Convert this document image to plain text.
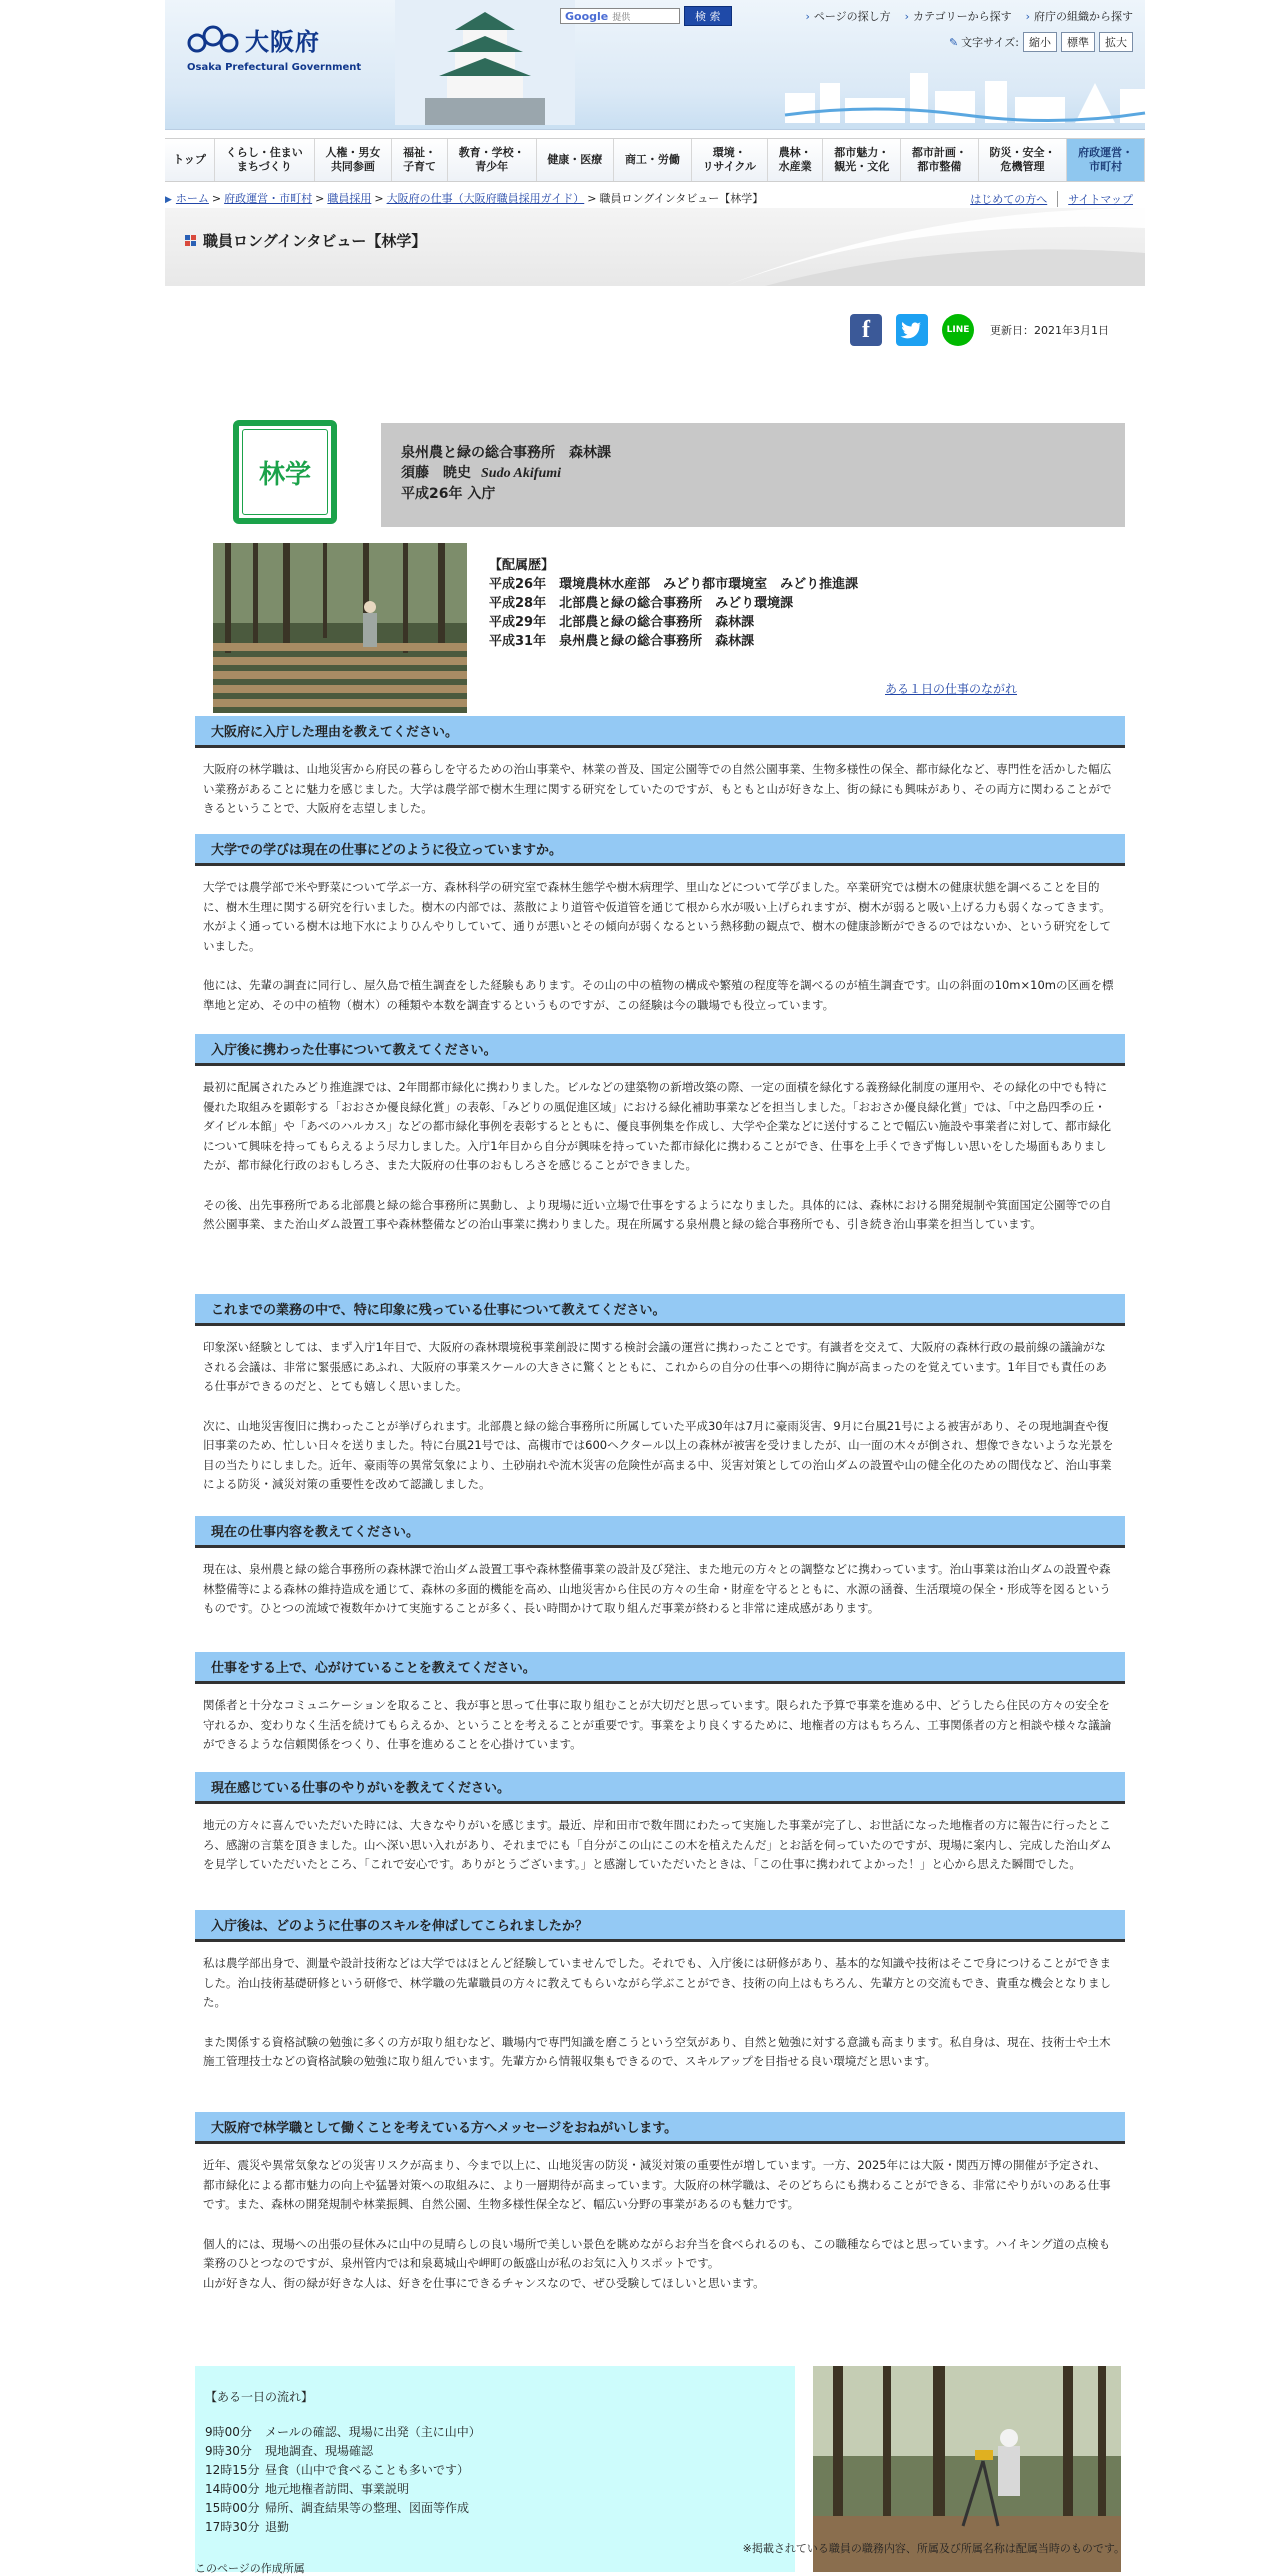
大阪府
Osaka Prefectural Government
Google 提供	検 索	› ページの探し方	› カテゴリーから探す	› 府庁の組織から探す
✎ 文字サイズ: 縮小	標準	拡大
トップ
くらし・住まい
まちづくり
人権・男女
共同参画
福祉・
子育て
教育・学校・
青少年
健康・医療	商工・労働
環境・
リサイクル
農林・
水産業
都市魅力・
観光・文化
都市計画・
都市整備
防災・安全・
危機管理
府政運営・
市町村
▶
ホーム > 府政運営・市町村 > 職員採用 > 大阪府の仕事（大阪府職員採用ガイド） > 職員ロングインタビュー【林学】	はじめての方へ	サイトマップ
職員ロングインタビュー【林学】
f	LINE	更新日：2021年3月1日
林学
泉州農と緑の総合事務所　森林課
須藤　暁史 Sudo Akifumi
平成26年 入庁
【配属歴】
平成26年　環境農林水産部　みどり都市環境室　みどり推進課
平成28年　北部農と緑の総合事務所　みどり環境課
平成29年　北部農と緑の総合事務所　森林課
平成31年　泉州農と緑の総合事務所　森林課
ある１日の仕事のながれ
大阪府に入庁した理由を教えてください。

大阪府の林学職は、山地災害から府民の暮らしを守るための治山事業や、林業の普及、国定公園等での自然公園事業、生物多様性の保全、都市緑化など、専門性を活かした幅広い業務があることに魅力を感じました。大学は農学部で樹木生理に関する研究をしていたのですが、もともと山が好きな上、街の緑にも興味があり、その両方に関わることができるということで、大阪府を志望しました。

大学での学びは現在の仕事にどのように役立っていますか。

大学では農学部で米や野菜について学ぶ一方、森林科学の研究室で森林生態学や樹木病理学、里山などについて学びました。卒業研究では樹木の健康状態を調べることを目的に、樹木生理に関する研究を行いました。樹木の内部では、蒸散により道管や仮道管を通じて根から水が吸い上げられますが、樹木が弱ると吸い上げる力も弱くなってきます。水がよく通っている樹木は地下水によりひんやりしていて、通りが悪いとその傾向が弱くなるという熱移動の観点で、樹木の健康診断ができるのではないか、という研究をしていました。

他には、先輩の調査に同行し、屋久島で植生調査をした経験もあります。その山の中の植物の構成や繁殖の程度等を調べるのが植生調査です。山の斜面の10m×10mの区画を標準地と定め、その中の植物（樹木）の種類や本数を調査するというものですが、この経験は今の職場でも役立っています。

入庁後に携わった仕事について教えてください。

最初に配属されたみどり推進課では、2年間都市緑化に携わりました。ビルなどの建築物の新増改築の際、一定の面積を緑化する義務緑化制度の運用や、その緑化の中でも特に優れた取組みを顕彰する「おおさか優良緑化賞」の表彰、「みどりの風促進区域」における緑化補助事業などを担当しました。「おおさか優良緑化賞」では、「中之島四季の丘・ダイビル本館」や「あべのハルカス」などの都市緑化事例を表彰するとともに、優良事例集を作成し、大学や企業などに送付することで幅広い施設や事業者に対して、都市緑化について興味を持ってもらえるよう尽力しました。入庁1年目から自分が興味を持っていた都市緑化に携わることができ、仕事を上手くできず悔しい思いをした場面もありましたが、都市緑化行政のおもしろさ、また大阪府の仕事のおもしろさを感じることができました。

その後、出先事務所である北部農と緑の総合事務所に異動し、より現場に近い立場で仕事をするようになりました。具体的には、森林における開発規制や箕面国定公園等での自然公園事業、また治山ダム設置工事や森林整備などの治山事業に携わりました。現在所属する泉州農と緑の総合事務所でも、引き続き治山事業を担当しています。

これまでの業務の中で、特に印象に残っている仕事について教えてください。

印象深い経験としては、まず入庁1年目で、大阪府の森林環境税事業創設に関する検討会議の運営に携わったことです。有識者を交えて、大阪府の森林行政の最前線の議論がなされる会議は、非常に緊張感にあふれ、大阪府の事業スケールの大きさに驚くとともに、これからの自分の仕事への期待に胸が高まったのを覚えています。1年目でも責任のある仕事ができるのだと、とても嬉しく思いました。

次に、山地災害復旧に携わったことが挙げられます。北部農と緑の総合事務所に所属していた平成30年は7月に豪雨災害、9月に台風21号による被害があり、その現地調査や復旧事業のため、忙しい日々を送りました。特に台風21号では、高槻市では600ヘクタール以上の森林が被害を受けましたが、山一面の木々が倒され、想像できないような光景を目の当たりにしました。近年、豪雨等の異常気象により、土砂崩れや流木災害の危険性が高まる中、災害対策としての治山ダムの設置や山の健全化のための間伐など、治山事業による防災・減災対策の重要性を改めて認識しました。

現在の仕事内容を教えてください。

現在は、泉州農と緑の総合事務所の森林課で治山ダム設置工事や森林整備事業の設計及び発注、また地元の方々との調整などに携わっています。治山事業は治山ダムの設置や森林整備等による森林の維持造成を通じて、森林の多面的機能を高め、山地災害から住民の方々の生命・財産を守るとともに、水源の涵養、生活環境の保全・形成等を図るというものです。ひとつの流域で複数年かけて実施することが多く、長い時間かけて取り組んだ事業が終わると非常に達成感があります。

仕事をする上で、心がけていることを教えてください。

関係者と十分なコミュニケーションを取ること、我が事と思って仕事に取り組むことが大切だと思っています。限られた予算で事業を進める中、どうしたら住民の方々の安全を守れるか、変わりなく生活を続けてもらえるか、ということを考えることが重要です。事業をより良くするために、地権者の方はもちろん、工事関係者の方と相談や様々な議論ができるような信頼関係をつくり、仕事を進めることを心掛けています。

現在感じている仕事のやりがいを教えてください。

地元の方々に喜んでいただいた時には、大きなやりがいを感じます。最近、岸和田市で数年間にわたって実施した事業が完了し、お世話になった地権者の方に報告に行ったところ、感謝の言葉を頂きました。山へ深い思い入れがあり、それまでにも「自分がこの山にこの木を植えたんだ」とお話を伺っていたのですが、現場に案内し、完成した治山ダムを見学していただいたところ、「これで安心です。ありがとうございます。」と感謝していただいたときは、「この仕事に携われてよかった！」と心から思えた瞬間でした。

入庁後は、どのように仕事のスキルを伸ばしてこられましたか？

私は農学部出身で、測量や設計技術などは大学ではほとんど経験していませんでした。それでも、入庁後には研修があり、基本的な知識や技術はそこで身につけることができました。治山技術基礎研修という研修で、林学職の先輩職員の方々に教えてもらいながら学ぶことができ、技術の向上はもちろん、先輩方との交流もでき、貴重な機会となりました。

また関係する資格試験の勉強に多くの方が取り組むなど、職場内で専門知識を磨こうという空気があり、自然と勉強に対する意識も高まります。私自身は、現在、技術士や土木施工管理技士などの資格試験の勉強に取り組んでいます。先輩方から情報収集もできるので、スキルアップを目指せる良い環境だと思います。

大阪府で林学職として働くことを考えている方へメッセージをおねがいします。

近年、震災や異常気象などの災害リスクが高まり、今まで以上に、山地災害の防災・減災対策の重要性が増しています。一方、2025年には大阪・関西万博の開催が予定され、都市緑化による都市魅力の向上や猛暑対策への取組みに、より一層期待が高まっています。大阪府の林学職は、そのどちらにも携わることができる、非常にやりがいのある仕事です。また、森林の開発規制や林業振興、自然公園、生物多様性保全など、幅広い分野の事業があるのも魅力です。

個人的には、現場への出張の昼休みに山中の見晴らしの良い場所で美しい景色を眺めながらお弁当を食べられるのも、この職種ならではと思っています。ハイキング道の点検も業務のひとつなのですが、泉州管内では和泉葛城山や岬町の飯盛山が私のお気に入りスポットです。
山が好きな人、街の緑が好きな人は、好きを仕事にできるチャンスなので、ぜひ受験してほしいと思います。

【ある一日の流れ】
9時00分	メールの確認、現場に出発（主に山中）
9時30分	現地調査、現場確認
12時15分 昼食（山中で食べることも多いです）
14時00分 地元地権者訪問、事業説明
15時00分 帰所、調査結果等の整理、図面等作成
17時30分 退勤
※掲載されている職員の職務内容、所属及び所属名称は配属当時のものです。
このページの作成所属
